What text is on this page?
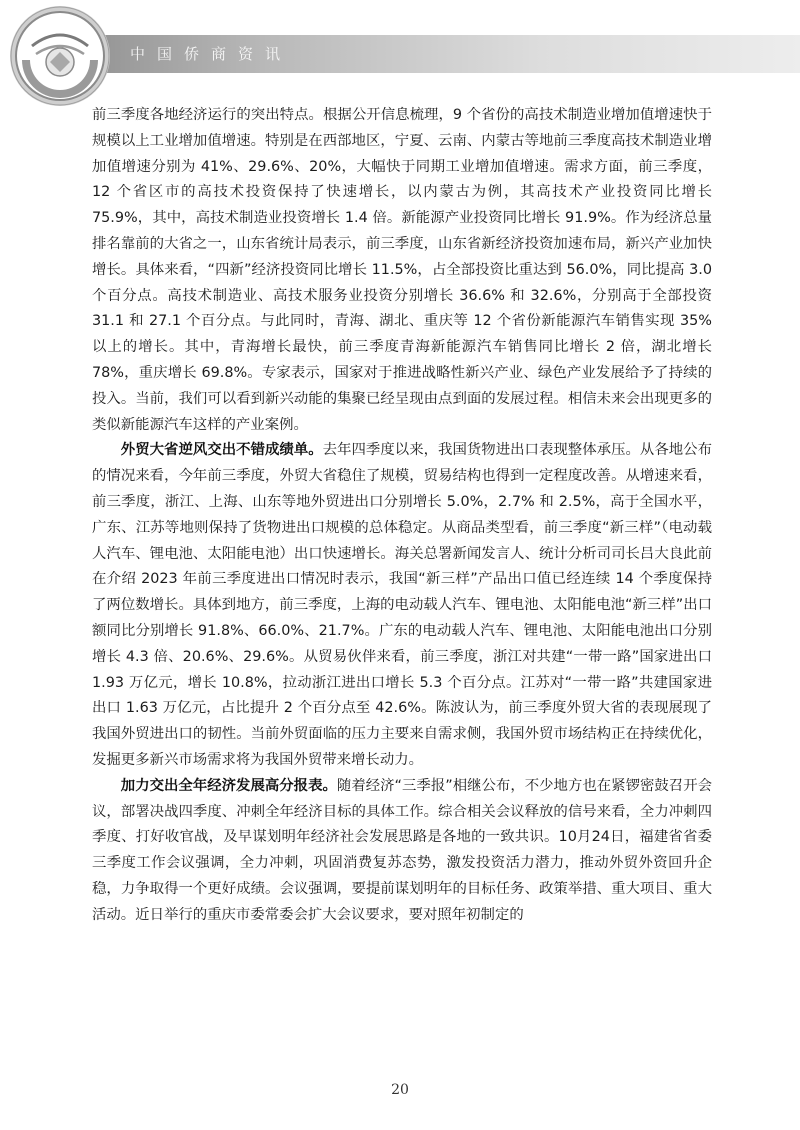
中国侨商资讯

前三季度各地经济运行的突出特点。根据公开信息梳理，9 个省份的高技术制造业增加值增速快于规模以上工业增加值增速。特别是在西部地区，宁夏、云南、内蒙古等地前三季度高技术制造业增加值增速分别为 41%、29.6%、20%，大幅快于同期工业增加值增速。需求方面，前三季度，12 个省区市的高技术投资保持了快速增长，以内蒙古为例，其高技术产业投资同比增长 75.9%，其中，高技术制造业投资增长 1.4 倍。新能源产业投资同比增长 91.9%。作为经济总量排名靠前的大省之一，山东省统计局表示，前三季度，山东省新经济投资加速布局，新兴产业加快增长。具体来看，“四新”经济投资同比增长 11.5%，占全部投资比重达到 56.0%，同比提高 3.0 个百分点。高技术制造业、高技术服务业投资分别增长 36.6% 和 32.6%，分别高于全部投资 31.1 和 27.1 个百分点。与此同时，青海、湖北、重庆等 12 个省份新能源汽车销售实现 35% 以上的增长。其中，青海增长最快，前三季度青海新能源汽车销售同比增长 2 倍，湖北增长 78%，重庆增长 69.8%。专家表示，国家对于推进战略性新兴产业、绿色产业发展给予了持续的投入。当前，我们可以看到新兴动能的集聚已经呈现由点到面的发展过程。相信未来会出现更多的类似新能源汽车这样的产业案例。

外贸大省逆风交出不错成绩单。去年四季度以来，我国货物进出口表现整体承压。从各地公布的情况来看，今年前三季度，外贸大省稳住了规模，贸易结构也得到一定程度改善。从增速来看，前三季度，浙江、上海、山东等地外贸进出口分别增长 5.0%，2.7% 和 2.5%，高于全国水平，广东、江苏等地则保持了货物进出口规模的总体稳定。从商品类型看，前三季度“新三样”（电动载人汽车、锂电池、太阳能电池）出口快速增长。海关总署新闻发言人、统计分析司司长吕大良此前在介绍 2023 年前三季度进出口情况时表示，我国“新三样”产品出口值已经连续 14 个季度保持了两位数增长。具体到地方，前三季度，上海的电动载人汽车、锂电池、太阳能电池“新三样”出口额同比分别增长 91.8%、66.0%、21.7%。广东的电动载人汽车、锂电池、太阳能电池出口分别增长 4.3 倍、20.6%、29.6%。从贸易伙伴来看，前三季度，浙江对共建“一带一路”国家进出口 1.93 万亿元，增长 10.8%，拉动浙江进出口增长 5.3 个百分点。江苏对“一带一路”共建国家进出口 1.63 万亿元，占比提升 2 个百分点至 42.6%。陈波认为，前三季度外贸大省的表现展现了我国外贸进出口的韧性。当前外贸面临的压力主要来自需求侧，我国外贸市场结构正在持续优化，发掘更多新兴市场需求将为我国外贸带来增长动力。

加力交出全年经济发展高分报表。随着经济“三季报”相继公布，不少地方也在紧锣密鼓召开会议，部署决战四季度、冲刺全年经济目标的具体工作。综合相关会议释放的信号来看，全力冲刺四季度、打好收官战，及早谋划明年经济社会发展思路是各地的一致共识。10月24日，福建省省委三季度工作会议强调，全力冲刺，巩固消费复苏态势，激发投资活力潜力，推动外贸外资回升企稳，力争取得一个更好成绩。会议强调，要提前谋划明年的目标任务、政策举措、重大项目、重大活动。近日举行的重庆市委常委会扩大会议要求，要对照年初制定的

20
